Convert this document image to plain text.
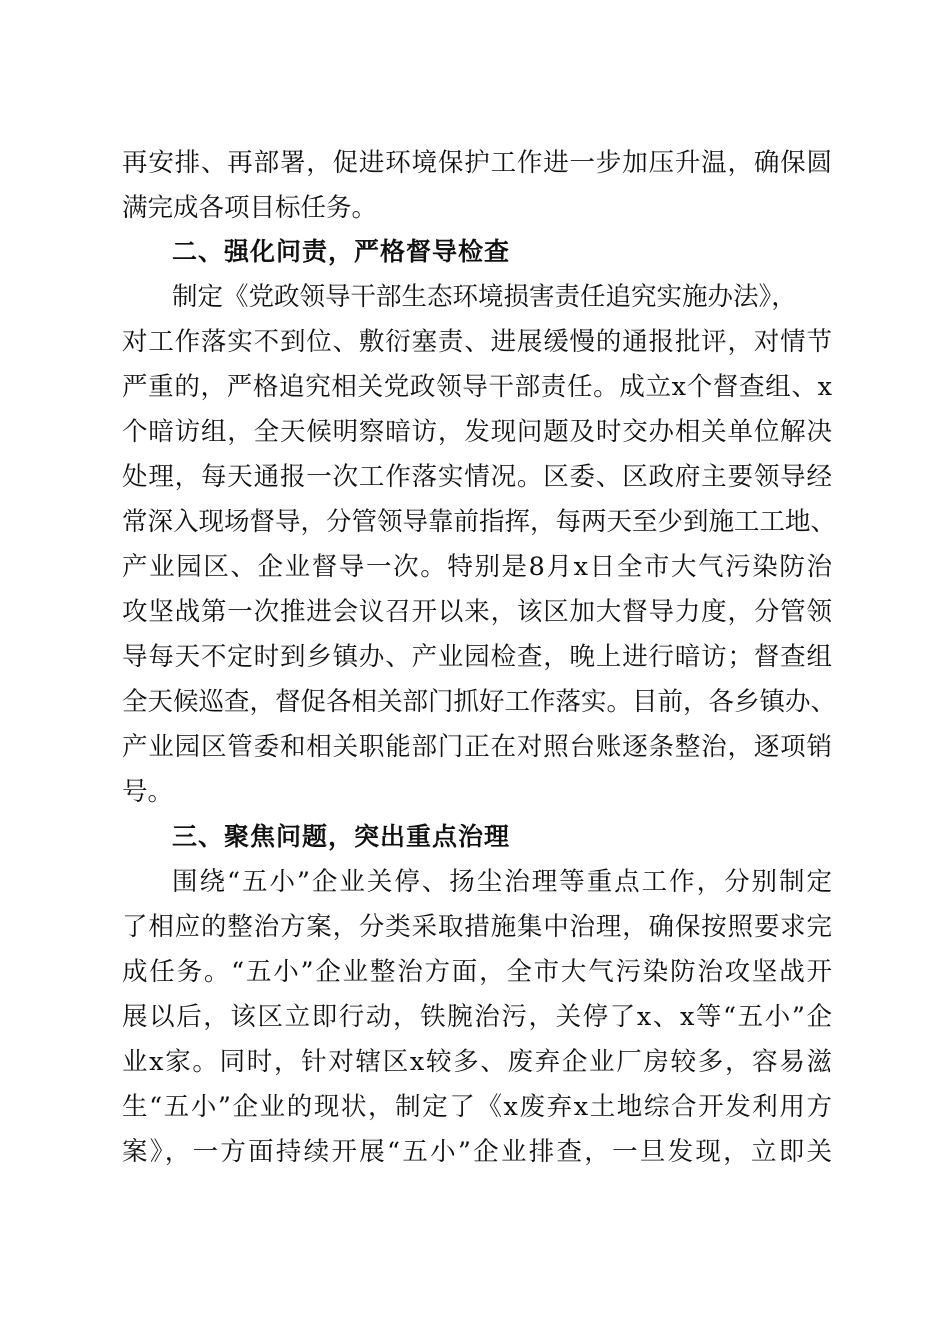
再安排、再部署，促进环境保护工作进一步加压升温，确保圆
满完成各项目标任务。
二、强化问责，严格督导检查
制定《党政领导干部生态环境损害责任追究实施办法》，
对工作落实不到位、敷衍塞责、进展缓慢的通报批评，对情节
严重的，严格追究相关党政领导干部责任。成立x个督查组、x
个暗访组，全天候明察暗访，发现问题及时交办相关单位解决
处理，每天通报一次工作落实情况。区委、区政府主要领导经
常深入现场督导，分管领导靠前指挥，每两天至少到施工工地、
产业园区、企业督导一次。特别是8月x日全市大气污染防治
攻坚战第一次推进会议召开以来，该区加大督导力度，分管领
导每天不定时到乡镇办、产业园检查，晚上进行暗访；督查组
全天候巡查，督促各相关部门抓好工作落实。目前，各乡镇办、
产业园区管委和相关职能部门正在对照台账逐条整治，逐项销
号。
三、聚焦问题，突出重点治理
围绕“五小”企业关停、扬尘治理等重点工作，分别制定
了相应的整治方案，分类采取措施集中治理，确保按照要求完
成任务。“五小”企业整治方面，全市大气污染防治攻坚战开
展以后，该区立即行动，铁腕治污，关停了x、x等“五小”企
业x家。同时，针对辖区x较多、废弃企业厂房较多，容易滋
生“五小”企业的现状，制定了《x废弃x土地综合开发利用方
案》，一方面持续开展“五小”企业排查，一旦发现，立即关
